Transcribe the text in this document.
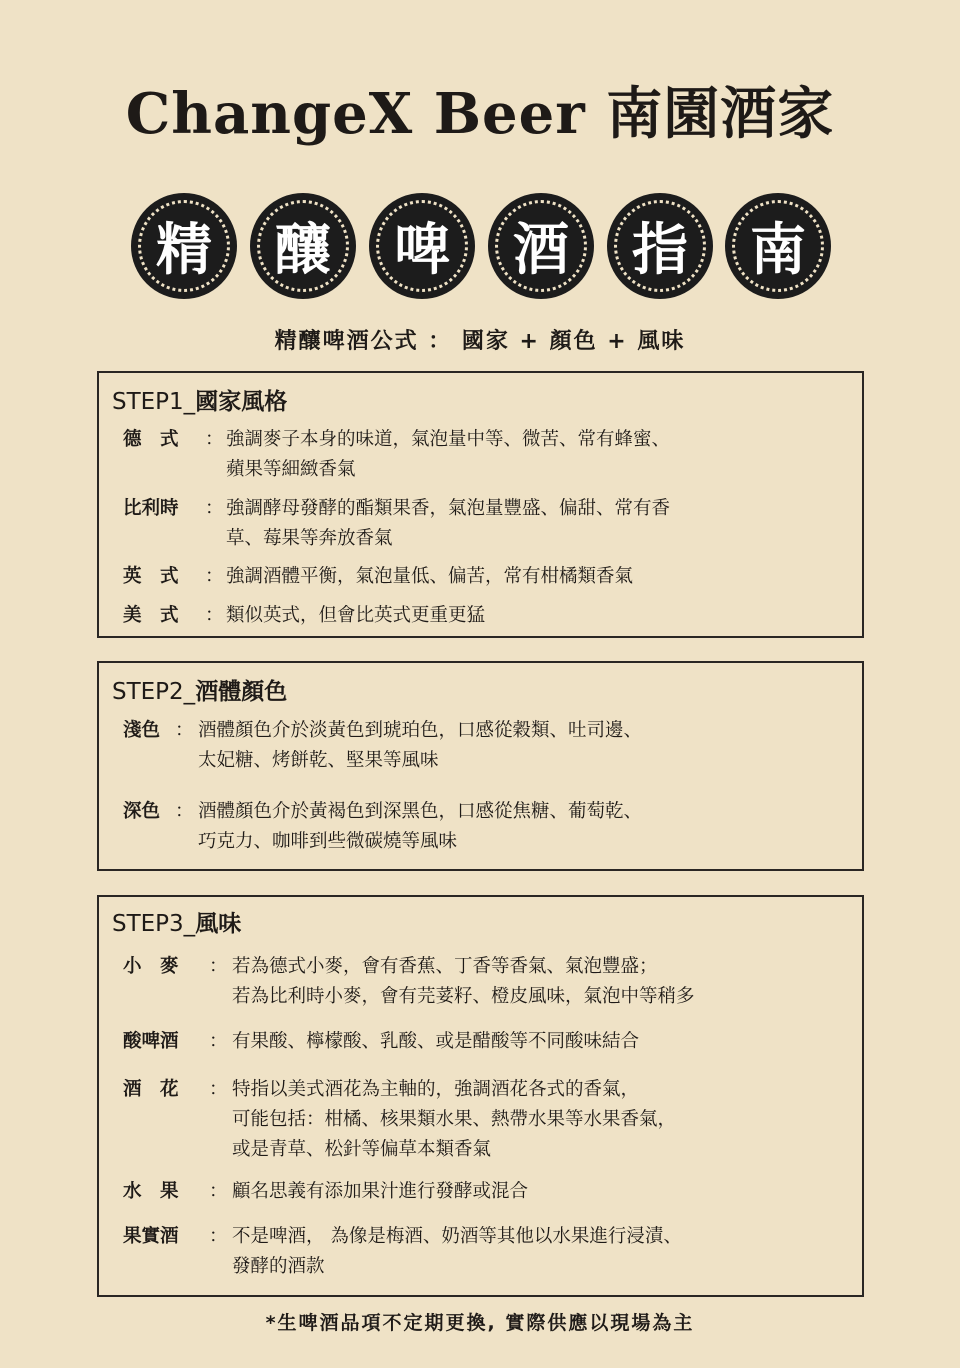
ChangeX Beer 南園酒家
精 釀 啤 酒 指 南
精釀啤酒公式 ： 國家 + 顏色 + 風味
STEP1_國家風格
德　式	： 強調麥子本身的味道，氣泡量中等、微苦、常有蜂蜜、
蘋果等細緻香氣
比利時	： 強調酵母發酵的酯類果香，氣泡量豐盛、偏甜、常有香
草、莓果等奔放香氣
英　式	： 強調酒體平衡，氣泡量低、偏苦，常有柑橘類香氣
美　式	： 類似英式，但會比英式更重更猛
STEP2_酒體顏色
淺色 ： 酒體顏色介於淡黃色到琥珀色，口感從穀類、吐司邊、
太妃糖、烤餅乾、堅果等風味
深色 ： 酒體顏色介於黃褐色到深黑色，口感從焦糖、葡萄乾、
巧克力、咖啡到些微碳燒等風味
STEP3_風味
小　麥	： 若為德式小麥，會有香蕉、丁香等香氣、氣泡豐盛；
若為比利時小麥，會有芫荽籽、橙皮風味，氣泡中等稍多
酸啤酒	： 有果酸、檸檬酸、乳酸、或是醋酸等不同酸味結合
酒　花	： 特指以美式酒花為主軸的，強調酒花各式的香氣，
可能包括：柑橘、核果類水果、熱帶水果等水果香氣，
或是青草、松針等偏草本類香氣
水　果	： 顧名思義有添加果汁進行發酵或混合
果實酒	： 不是啤酒， 為像是梅酒、奶酒等其他以水果進行浸漬、
發酵的酒款
*生啤酒品項不定期更換, 實際供應以現場為主
